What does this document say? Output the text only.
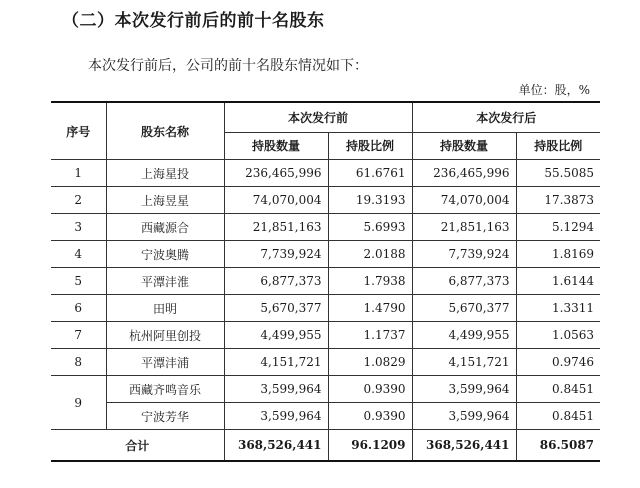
（二）本次发行前后的前十名股东

本次发行前后，公司的前十名股东情况如下：

单位：股，%

序号	股东名称	本次发行前		本次发行后	
		持股数量	持股比例	持股数量	持股比例
1	上海星投	236,465,996	61.6761	236,465,996	55.5085
2	上海昱星	74,070,004	19.3193	74,070,004	17.3873
3	西藏源合	21,851,163	5.6993	21,851,163	5.1294
4	宁波奥腾	7,739,924	2.0188	7,739,924	1.8169
5	平潭沣淮	6,877,373	1.7938	6,877,373	1.6144
6	田明	5,670,377	1.4790	5,670,377	1.3311
7	杭州阿里创投	4,499,955	1.1737	4,499,955	1.0563
8	平潭沣浦	4,151,721	1.0829	4,151,721	0.9746
9	西藏齐鸣音乐	3,599,964	0.9390	3,599,964	0.8451
	宁波芳华	3,599,964	0.9390	3,599,964	0.8451
合计		368,526,441	96.1209	368,526,441	86.5087
